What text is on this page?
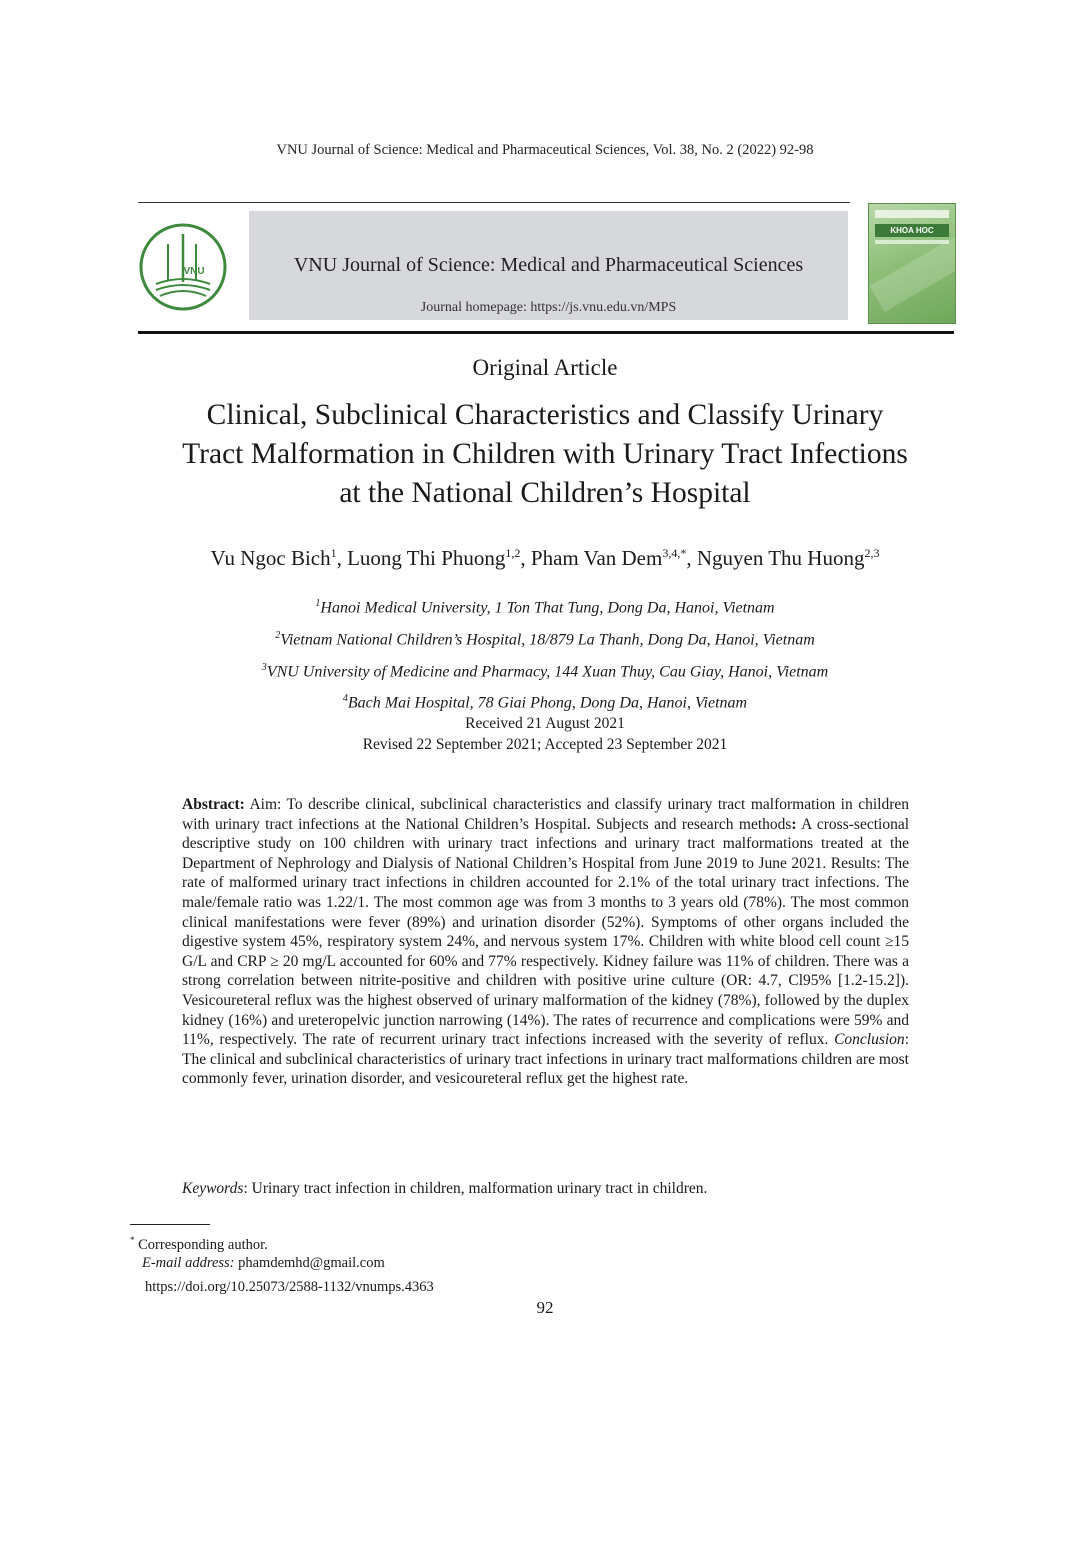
VNU Journal of Science: Medical and Pharmaceutical Sciences, Vol. 38, No. 2 (2022) 92-98
VNU	VNU Journal of Science: Medical and Pharmaceutical Sciences
Journal homepage: https://js.vnu.edu.vn/MPS
KHOA HOC
Original Article
Clinical, Subclinical Characteristics and Classify Urinary
Tract Malformation in Children with Urinary Tract Infections
at the National Children’s Hospital
Vu Ngoc Bich$^1$, Luong Thi Phuong$^{1,2}$, Pham Van Dem$^{3,4,*}$, Nguyen Thu Huong$^{2,3}$
$^1$Hanoi Medical University, 1 Ton That Tung, Dong Da, Hanoi, Vietnam
$^2$Vietnam National Children’s Hospital, 18/879 La Thanh, Dong Da, Hanoi, Vietnam
$^3$VNU University of Medicine and Pharmacy, 144 Xuan Thuy, Cau Giay, Hanoi, Vietnam
$^4$Bach Mai Hospital, 78 Giai Phong, Dong Da, Hanoi, Vietnam
Received 21 August 2021
Revised 22 September 2021; Accepted 23 September 2021
Abstract: Aim: To describe clinical, subclinical characteristics and classify urinary tract malformation in children with urinary tract infections at the National Children’s Hospital. Subjects and research methods: A cross-sectional descriptive study on 100 children with urinary tract infections and urinary tract malformations treated at the Department of Nephrology and Dialysis of National Children’s Hospital from June 2019 to June 2021. Results: The rate of malformed urinary tract infections in children accounted for 2.1% of the total urinary tract infections. The male/female ratio was 1.22/1. The most common age was from 3 months to 3 years old (78%). The most common clinical manifestations were fever (89%) and urination disorder (52%). Symptoms of other organs included the digestive system 45%, respiratory system 24%, and nervous system 17%. Children with white blood cell count ≥15 G/L and CRP ≥ 20 mg/L accounted for 60% and 77% respectively. Kidney failure was 11% of children. There was a strong correlation between nitrite-positive and children with positive urine culture (OR: 4.7, Cl95% [1.2-15.2]). Vesicoureteral reflux was the highest observed of urinary malformation of the kidney (78%), followed by the duplex kidney (16%) and ureteropelvic junction narrowing (14%). The rates of recurrence and complications were 59% and 11%, respectively. The rate of recurrent urinary tract infections increased with the severity of reflux. Conclusion: The clinical and subclinical characteristics of urinary tract infections in urinary tract malformations children are most commonly fever, urination disorder, and vesicoureteral reflux get the highest rate.
Keywords: Urinary tract infection in children, malformation urinary tract in children.
* Corresponding author.
E-mail address: phamdemhd@gmail.com
https://doi.org/10.25073/2588-1132/vnumps.4363
92
